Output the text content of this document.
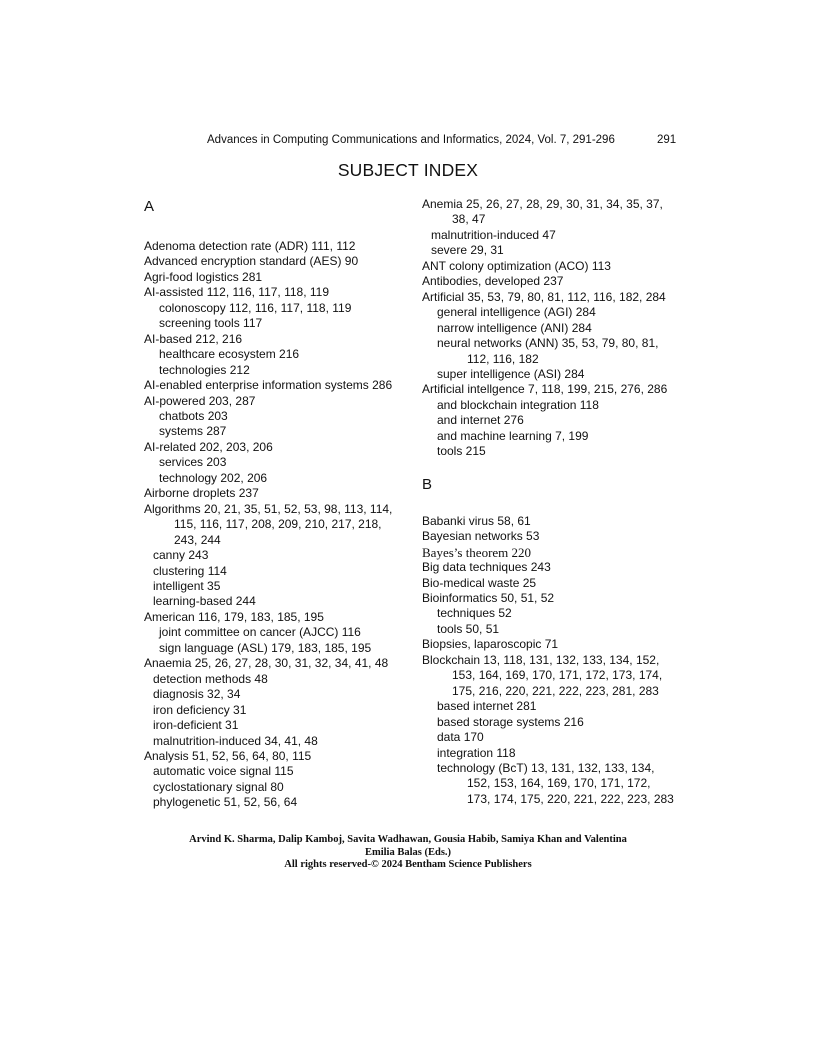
Advances in Computing Communications and Informatics, 2024, Vol. 7, 291-296	291
SUBJECT INDEX
A

Adenoma detection rate (ADR) 111, 112

Advanced encryption standard (AES) 90

Agri-food logistics 281

AI-assisted 112, 116, 117, 118, 119

colonoscopy 112, 116, 117, 118, 119

screening tools 117

AI-based 212, 216

healthcare ecosystem 216

technologies 212

AI-enabled enterprise information systems 286

AI-powered 203, 287

chatbots 203

systems 287

AI-related 202, 203, 206

services 203

technology 202, 206

Airborne droplets 237

Algorithms 20, 21, 35, 51, 52, 53, 98, 113, 114, 115, 116, 117, 208, 209, 210, 217, 218, 243, 244

canny 243

clustering 114

intelligent 35

learning-based 244

American 116, 179, 183, 185, 195

joint committee on cancer (AJCC) 116

sign language (ASL) 179, 183, 185, 195

Anaemia 25, 26, 27, 28, 30, 31, 32, 34, 41, 48

detection methods 48

diagnosis 32, 34

iron deficiency 31

iron-deficient 31

malnutrition-induced 34, 41, 48

Analysis 51, 52, 56, 64, 80, 115

automatic voice signal 115

cyclostationary signal 80

phylogenetic 51, 52, 56, 64

Anemia 25, 26, 27, 28, 29, 30, 31, 34, 35, 37, 38, 47

malnutrition-induced 47

severe 29, 31

ANT colony optimization (ACO) 113

Antibodies, developed 237

Artificial 35, 53, 79, 80, 81, 112, 116, 182, 284

general intelligence (AGI) 284

narrow intelligence (ANI) 284

neural networks (ANN) 35, 53, 79, 80, 81, 112, 116, 182

super intelligence (ASI) 284

Artificial intellgence 7, 118, 199, 215, 276, 286

and blockchain integration 118

and internet 276

and machine learning 7, 199

tools 215

B

Babanki virus 58, 61

Bayesian networks 53

Bayes’s theorem 220

Big data techniques 243

Bio-medical waste 25

Bioinformatics 50, 51, 52

techniques 52

tools 50, 51

Biopsies, laparoscopic 71

Blockchain 13, 118, 131, 132, 133, 134, 152, 153, 164, 169, 170, 171, 172, 173, 174, 175, 216, 220, 221, 222, 223, 281, 283

based internet 281

based storage systems 216

data 170

integration 118

technology (BcT) 13, 131, 132, 133, 134, 152, 153, 164, 169, 170, 171, 172, 173, 174, 175, 220, 221, 222, 223, 283

Arvind K. Sharma, Dalip Kamboj, Savita Wadhawan, Gousia Habib, Samiya Khan and Valentina
Emilia Balas (Eds.)
All rights reserved-© 2024 Bentham Science Publishers
